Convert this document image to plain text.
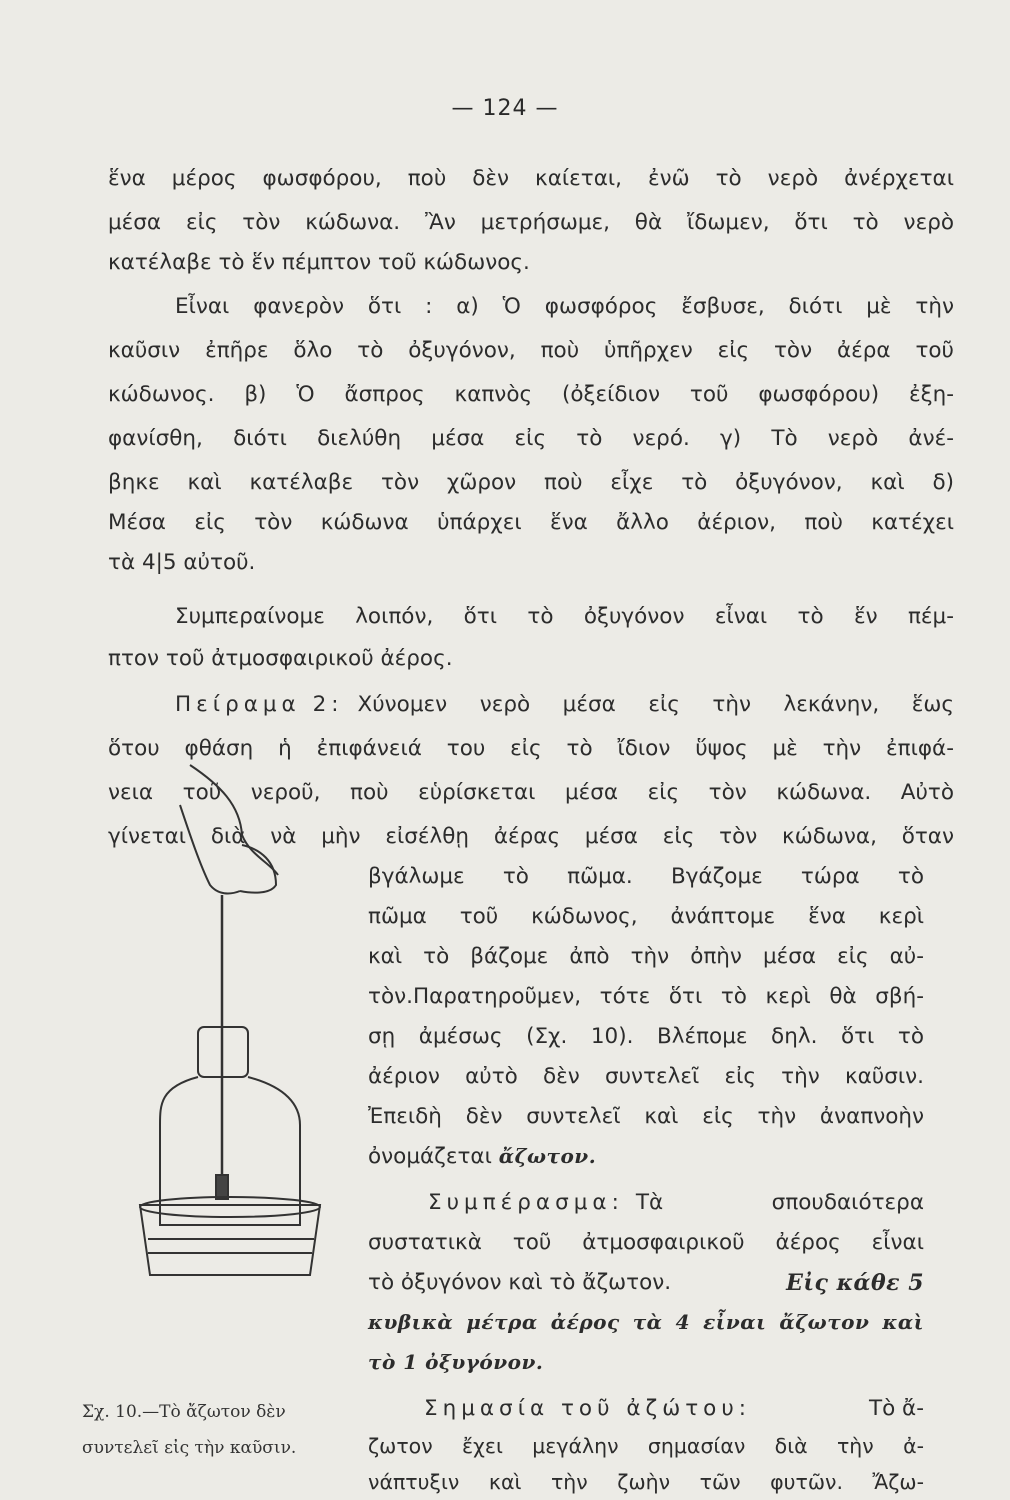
— 124 —
ἕνα μέρος φωσφόρου, ποὺ δὲν καίεται, ἐνῶ τὸ νερὸ ἀνέρχεται
μέσα εἰς τὸν κώδωνα. Ἂν μετρήσωμε, θὰ ἴδωμεν, ὅτι τὸ νερὸ
κατέλαβε τὸ ἕν πέμπτον τοῦ κώδωνος.
Εἶναι φανερὸν ὅτι : α) Ὁ φωσφόρος ἔσβυσε, διότι μὲ τὴν
καῦσιν ἐπῆρε ὅλο τὸ ὀξυγόνον, ποὺ ὑπῆρχεν εἰς τὸν ἀέρα τοῦ
κώδωνος. β) Ὁ ἄσπρος καπνὸς (ὀξείδιον τοῦ φωσφόρου) ἐξη-
φανίσθη, διότι διελύθη μέσα εἰς τὸ νερό. γ) Τὸ νερὸ ἀνέ-
βηκε καὶ κατέλαβε τὸν χῶρον ποὺ εἶχε τὸ ὀξυγόνον, καὶ δ)
Μέσα εἰς τὸν κώδωνα ὑπάρχει ἕνα ἄλλο ἀέριον, ποὺ κατέχει
τὰ 4|5 αὐτοῦ.
Συμπεραίνομε λοιπόν, ὅτι τὸ ὀξυγόνον εἶναι τὸ ἕν πέμ-
πτον τοῦ ἀτμοσφαιρικοῦ ἀέρος.
Πείραμα 2: Χύνομεν νερὸ μέσα εἰς τὴν λεκάνην, ἕως
ὅτου φθάση ἡ ἐπιφάνειά του εἰς τὸ ἴδιον ὕψος μὲ τὴν ἐπιφά-
νεια τοῦ νεροῦ, ποὺ εὑρίσκεται μέσα εἰς τὸν κώδωνα. Αὐτὸ
γίνεται διὰ νὰ μὴν εἰσέλθῃ ἀέρας μέσα εἰς τὸν κώδωνα, ὅταν
βγάλωμε τὸ πῶμα. Βγάζομε τώρα τὸ
πῶμα τοῦ κώδωνος, ἀνάπτομε ἕνα κερὶ
καὶ τὸ βάζομε ἀπὸ τὴν ὀπὴν μέσα εἰς αὐ-
τὸν.Παρατηροῦμεν, τότε ὅτι τὸ κερὶ θὰ σβή-
σῃ ἀμέσως (Σχ. 10). Βλέπομε δηλ. ὅτι τὸ
ἀέριον αὐτὸ δὲν συντελεῖ εἰς τὴν καῦσιν.
Ἐπειδὴ δὲν συντελεῖ καὶ εἰς τὴν ἀναπνοὴν
ὀνομάζεται ἄζωτον.
Συμπέρασμα: Τὰ σπουδαιότερα
συστατικὰ τοῦ ἀτμοσφαιρικοῦ ἀέρος εἶναι
τὸ ὀξυγόνον καὶ τὸ ἄζωτον.	Εἰς κάθε 5
κυβικὰ μέτρα ἀέρος τὰ 4 εἶναι ἄζωτον καὶ
τὸ 1 ὀξυγόνον.
Σημασία τοῦ ἀζώτου:	Τὸ ἄ-
ζωτον ἔχει μεγάλην σημασίαν διὰ τὴν ἀ-
νάπτυξιν καὶ τὴν ζωὴν τῶν φυτῶν. Ἄζω-
Σχ. 10.—Τὸ ἄζωτον δὲν
συντελεῖ εἰς τὴν καῦσιν.
